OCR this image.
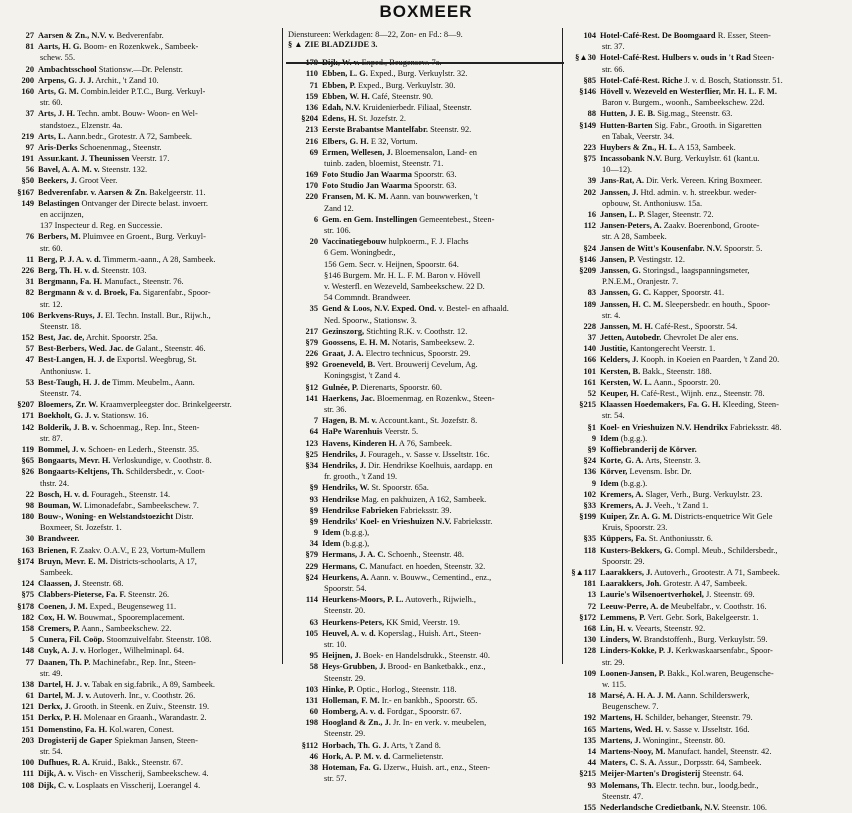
BOXMEER
27 Aarsen & Zn., N.V. v. Bedverenfabr.
81 Aarts, H. G. Boom- en Rozenkwek., Sambeek-
schew. 55.
20 Ambachtsschool Stationsw.—Dr. Pelenstr.
200 Arpens, G. J. J. Archit., 't Zand 10.
160 Arts, G. M. Combin.leider P.T.C., Burg. Verkuyl-
str. 60.
37 Arts, J. H. Techn. ambt. Bouw- Woon- en Wel-
standstoez., Elzenstr. 4a.
219 Arts, L. Aann.bedr., Grotestr. A 72, Sambeek.
97 Aris-Derks Schoenenmag., Steenstr.
191 Assur.kant. J. Theunissen Veerstr. 17.
56 Bavel, A. A. M. v. Steenstr. 132.
§50 Beekers, J. Groot Veer.
§167 Bedverenfabr. v. Aarsen & Zn. Bakelgeerstr. 11.
149 Belastingen Ontvanger der Directe belast. invoerr.
en accijnzen,
137 Inspecteur d. Reg. en Successie.
76 Berbers, M. Pluimvee en Groent., Burg. Verkuyl-
str. 60.
11 Berg, P. J. A. v. d. Timmerm.-aann., A 28, Sambeek.
226 Berg, Th. H. v. d. Steenstr. 103.
31 Bergmann, Fa. H. Manufact., Steenstr. 76.
82 Bergmann & v. d. Broek, Fa. Sigarenfabr., Spoor-
str. 12.
106 Berkvens-Ruys, J. El. Techn. Install. Bur., Rijw.h.,
Steenstr. 18.
152 Best, Jac. de, Archit. Spoorstr. 25a.
57 Best-Berbers, Wed. Jac. de Galant., Steenstr. 46.
47 Best-Langen, H. J. de Exportsl. Weegbrug, St.
Anthoniusw. 1.
53 Best-Taugh, H. J. de Timm. Meubelm., Aann.
Steenstr. 74.
§207 Bloemers, Zr. W. Kraamverpleegster doc. Brinkelgeerstr.
171 Boekholt, G. J. v. Stationsw. 16.
142 Bolderik, J. B. v. Schoenmag., Rep. Inr., Steen-
str. 87.
119 Bommel, J. v. Schoen- en Lederh., Steenstr. 35.
§65 Bongaarts, Mevr. H. Verloskundige, v. Coothstr. 8.
§26 Bongaarts-Keltjens, Th. Schildersbedr., v. Coot-
thstr. 24.
22 Bosch, H. v. d. Fourageh., Steenstr. 14.
98 Bouman, W. Limonadefabr., Sambeekschew. 7.
180 Bouw-, Woning- en Welstandstoezicht Distr.
Boxmeer, St. Jozefstr. 1.
30 Brandweer.
163 Brienen, F. Zaakv. O.A.V., E 23, Vortum-Mullem
§174 Bruyn, Mevr. E. M. Districts-schoolarts, A 17,
Sambeek.
124 Claassen, J. Steenstr. 68.
§75 Clabbers-Pieterse, Fa. F. Steenstr. 26.
§178 Coenen, J. M. Exped., Beugenseweg 11.
182 Cox, H. W. Bouwmat., Spooremplacement.
158 Cremers, P. Aann., Sambeekschew. 22.
5 Cunera, Fil. Coöp. Stoomzuivelfabr. Steenstr. 108.
148 Cuyk, A. J. v. Horloger., Wilhelminapl. 64.
77 Daanen, Th. P. Machinefabr., Rep. Inr., Steen-
str. 49.
138 Dartel, H. J. v. Tabak en sig.fabrik., A 89, Sambeek.
61 Dartel, M. J. v. Autoverh. Inr., v. Coothstr. 26.
121 Derkx, J. Grooth. in Steenk. en Zuiv., Steenstr. 19.
151 Derkx, P. H. Molenaar en Graanh., Warandastr. 2.
151 Domenstino, Fa. H. Kol.waren, Conest.
203 Drogisterij de Gaper Spiekman Jansen, Steen-
str. 54.
100 Dufhues, R. A. Kruid., Bakk., Steenstr. 67.
111 Dijk, A. v. Visch- en Visscherij, Sambeekschew. 4.
108 Dijk, C. v. Losplaats en Visscherij, Loerangel 4.
Dienstureen: Werkdagen: 8—22, Zon- en Fd.: 8—9.
§ ▲ ZIE BLADZIJDE 3.
110 Ebben, L. G. Exped., Burg. Verkuylstr. 32.
71 Ebben, P. Exped., Burg. Verkuylstr. 30.
159 Ebben, W. H. Café, Steenstr. 90.
136 Edah, N.V. Kruidenierbedr. Filiaal, Steenstr.
§204 Edens, H. St. Jozefstr. 2.
213 Eerste Brabantse Mantelfabr. Steenstr. 92.
216 Elbers, G. H. E 32, Vortum.
69 Ermen, Wellesen, J. Bloemensalon, Land- en
tuinb. zaden, bloemist, Steenstr. 71.
169 Foto Studio Jan Waarma Spoorstr. 63.
170 Foto Studio Jan Waarma Spoorstr. 63.
220 Fransen, M. K. M. Aann. van bouwwerken, 't
Zand 12.
6 Gem. en Gem. Instellingen Gemeentebest., Steen-
str. 106.
20 Vaccinatiegebouw hulpkoerm., F. J. Flachs
6 Gem. Woningbedr.,
156 Gem. Secr. v. Heijnen, Spoorstr. 64.
§146 Burgem. Mr. H. L. F. M. Baron v. Hövell
v. Westerfl. en Wezeveld, Sambeekschew. 22 D.
54 Commndt. Brandweer.
35 Gend & Loos, N.V. Exped. Ond. v. Bestel- en afhaald.
Ned. Spoorw., Stationsw. 3.
217 Gezinszorg, Stichting R.K. v. Coothstr. 12.
§79 Goossens, E. H. M. Notaris, Sambeeksew. 2.
226 Graat, J. A. Electro technicus, Spoorstr. 29.
§92 Groeneveld, B. Vert. Brouwerij Cevelum, Ag.
Koningsgist, 't Zand 4.
§12 Gulnée, P. Dierenarts, Spoorstr. 60.
141 Haerkens, Jac. Bloemenmag. en Rozenkw., Steen-
str. 36.
7 Hagen, B. M. v. Account.kant., St. Jozefstr. 8.
64 HaPe Warenhuis Veerstr. 5.
123 Havens, Kinderen H. A 76, Sambeek.
§25 Hendriks, J. Fourageh., v. Sasse v. IJsseltstr. 16c.
§34 Hendriks, J. Dir. Hendrikse Koelhuis, aardapp. en
fr. grooth., 't Zand 19.
§9 Hendriks, W. St. Spoorstr. 65a.
93 Hendrikse Mag. en pakhuizen, A 162, Sambeek.
§9 Hendrikse Fabrieken Fabrieksstr. 39.
§9 Hendriks' Koel- en Vrieshuizen N.V. Fabrieksstr.
9 Idem (b.g.g.),
34 Idem (b.g.g.),
§79 Hermans, J. A. C. Schoenh., Steenstr. 48.
229 Hermans, C. Manufact. en hoeden, Steenstr. 32.
§24 Heurkens, A. Aann. v. Bouww., Cementind., enz.,
Spoorstr. 54.
114 Heurkens-Moors, P. L. Autoverh., Rijwielh.,
Steenstr. 20.
63 Heurkens-Peters, KK Smid, Veerstr. 19.
105 Heuvel, A. v. d. Koperslag., Huish. Art., Steen-
str. 10.
95 Heijnen, J. Boek- en Handelsdrukk., Steenstr. 40.
58 Heys-Grubben, J. Brood- en Banketbakk., enz.,
Steenstr. 29.
103 Hinke, P. Optic., Horlog., Steenstr. 118.
131 Holleman, F. M. Ir.- en bankbh., Spoorstr. 65.
60 Homberg, A. v. d. Fordgar., Spoorstr. 67.
198 Hoogland & Zn., J. Jr. In- en verk. v. meubelen,
Steenstr. 29.
§112 Horbach, Th. G. J. Arts, 't Zand 8.
46 Hork, A. P. M. v. d. Carmelietenstr.
38 Hoteman, Fa. G. IJzerw., Huish. art., enz., Steen-
str. 57.
104 Hotel-Café-Rest. De Boomgaard R. Esser, Steen-
str. 37.
§▲30 Hotel-Café-Rest. Hulbers v. ouds in 't Rad Steen-
str. 66.
§85 Hotel-Café-Rest. Riche J. v. d. Bosch, Stationsstr. 51.
§146 Hövell v. Wezeveld en Westerflier, Mr. H. L. F. M.
Baron v. Burgem., woonh., Sambeekschew. 22d.
88 Hutten, J. E. B. Sig.mag., Steenstr. 63.
§149 Hutten-Barten Sig. Fabr., Grooth. in Sigaretten
en Tabak, Veerstr. 34.
223 Huybers & Zn., H. L. A 153, Sambeek.
§75 Incassobank N.V. Burg. Verkuylstr. 61 (kant.u.
10—12).
39 Jans-Rat, A. Dir. Verk. Vereen. Kring Boxmeer.
202 Janssen, J. Htd. admin. v. h. streekbur. weder-
opbouw, St. Anthoniusw. 15a.
16 Jansen, L. P. Slager, Steenstr. 72.
112 Jansen-Peters, A. Zaakv. Boerenbond, Groote-
str. A 28, Sambeek.
§24 Jansen de Witt's Kousenfabr. N.V. Spoorstr. 5.
§146 Jansen, P. Vestingstr. 12.
§209 Janssen, G. Storingsd., laagspanningsmeter,
P.N.E.M., Oranjestr. 7.
83 Janssen, G. C. Kapper, Spoorstr. 41.
189 Janssen, H. C. M. Sleepersbedr. en houth., Spoor-
str. 4.
228 Janssen, M. H. Café-Rest., Spoorstr. 54.
37 Jetten, Autobedr. Chevrolet De aler ens.
140 Justitie, Kantongerecht Veerstr. 1.
166 Kelders, J. Kooph. in Koeien en Paarden, 't Zand 20.
101 Kersten, B. Bakk., Steenstr. 188.
161 Kersten, W. L. Aann., Spoorstr. 20.
52 Keuper, H. Café-Rest., Wijnh. enz., Steenstr. 78.
§215 Klaassen Hoedemakers, Fa. G. H. Kleeding, Steen-
str. 54.
§1 Koel- en Vrieshuizen N.V. Hendrikx Fabrieksstr. 48.
9 Idem (b.g.g.).
§9 Koffiebranderij de Körver.
§24 Korte, G. A. Arts, Steenstr. 3.
136 Körver, Levensm. Isbr. Dr.
9 Idem (b.g.g.).
102 Kremers, A. Slager, Verh., Burg. Verkuylstr. 23.
§33 Kremers, A. J. Veeh., 't Zand 1.
§199 Kuiper, Zr. A. G. M. Districts-enquetrice Wit Gele
Kruis, Spoorstr. 23.
§35 Küppers, Fa. St. Anthoniusstr. 6.
118 Kusters-Bekkers, G. Compl. Meub., Schildersbedr.,
Spoorstr. 29.
§▲117 Laarakkers, J. Autoverh., Grootestr. A 71, Sambeek.
181 Laarakkers, Joh. Grotestr. A 47, Sambeek.
13 Laurie's Wilsenoertverhokel, J. Steenstr. 69.
72 Leeuw-Perre, A. de Meubelfabr., v. Coothstr. 16.
§172 Lemmens, P. Vert. Gebr. Sork, Bakelgeerstr. 1.
168 Lin, H. v. Veearts, Steenstr. 92.
130 Linders, W. Brandstoffenh., Burg. Verkuylstr. 59.
128 Linders-Kokke, P. J. Kerkwaskaarsenfabr., Spoor-
str. 29.
109 Loonen-Jansen, P. Bakk., Kol.waren, Beugensche-
w. 115.
18 Marsé, A. H. A. J. M. Aann. Schilderswerk,
Beugenschew. 7.
192 Martens, H. Schilder, behanger, Steenstr. 79.
165 Martens, Wed. H. v. Sasse v. IJsseltstr. 16d.
135 Martens, J. Woninginr., Steenstr. 80.
14 Martens-Nooy, M. Manufact. handel, Steenstr. 42.
44 Maters, C. S. A. Assur., Dorpsstr. 64, Sambeek.
§215 Meijer-Marten's Drogisterij Steenstr. 64.
93 Molemans, Th. Electr. techn. bur., loodg.bedr.,
Steenstr. 47.
155 Nederlandsche Credietbank, N.V. Steenstr. 106.
